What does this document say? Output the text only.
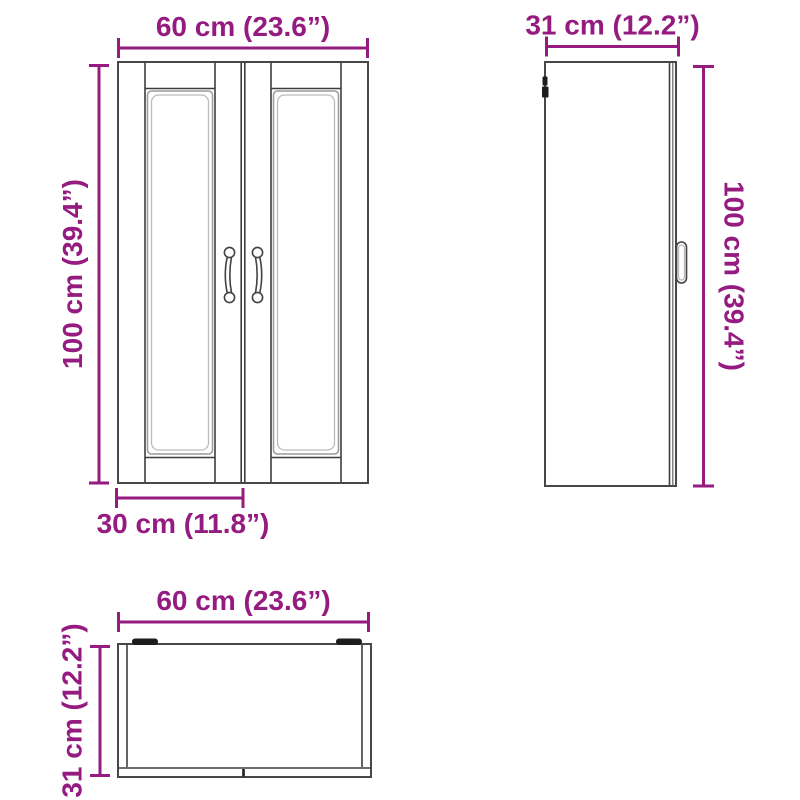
60 cm (23.6”)
100 cm (39.4”)
30 cm (11.8”)
31 cm (12.2”)
100 cm (39.4”)
60 cm (23.6”)
31 cm (12.2”)
